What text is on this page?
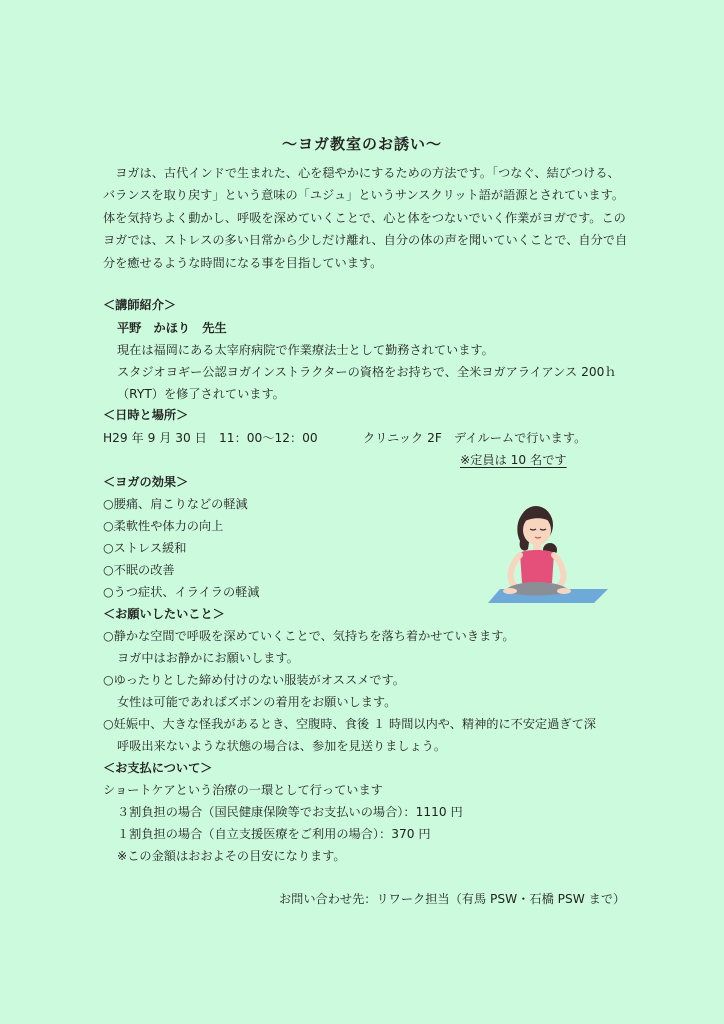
〜ヨガ教室のお誘い〜

ヨガは、古代インドで生まれた、心を穏やかにするための方法です。「つなぐ、結びつける、バランスを取り戻す」という意味の「ユジュ」というサンスクリット語が語源とされています。体を気持ちよく動かし、呼吸を深めていくことで、心と体をつないでいく作業がヨガです。このヨガでは、ストレスの多い日常から少しだけ離れ、自分の体の声を聞いていくことで、自分で自分を癒せるような時間になる事を目指しています。

＜講師紹介＞
平野　かほり　先生
現在は福岡にある太宰府病院で作業療法士として勤務されています。
スタジオヨギー公認ヨガインストラクターの資格をお持ちで、全米ヨガアライアンス 200ｈ
（RYT）を修了されています。
＜日時と場所＞
H29 年 9 月 30 日　11：00〜12：00	クリニック 2F　デイルームで行います。
※定員は 10 名です
＜ヨガの効果＞
○腰痛、肩こりなどの軽減
○柔軟性や体力の向上
○ストレス緩和
○不眠の改善
○うつ症状、イライラの軽減
＜お願いしたいこと＞
○静かな空間で呼吸を深めていくことで、気持ちを落ち着かせていきます。
ヨガ中はお静かにお願いします。
○ゆったりとした締め付けのない服装がオススメです。
女性は可能であればズボンの着用をお願いします。
○妊娠中、大きな怪我があるとき、空腹時、食後 １ 時間以内や、精神的に不安定過ぎて深
呼吸出来ないような状態の場合は、参加を見送りましょう。
＜お支払について＞
ショートケアという治療の一環として行っています
３割負担の場合（国民健康保険等でお支払いの場合）：1110 円
１割負担の場合（自立支援医療をご利用の場合）：370 円
※この金額はおおよその目安になります。
お問い合わせ先：リワーク担当（有馬 PSW・石橋 PSW まで）
